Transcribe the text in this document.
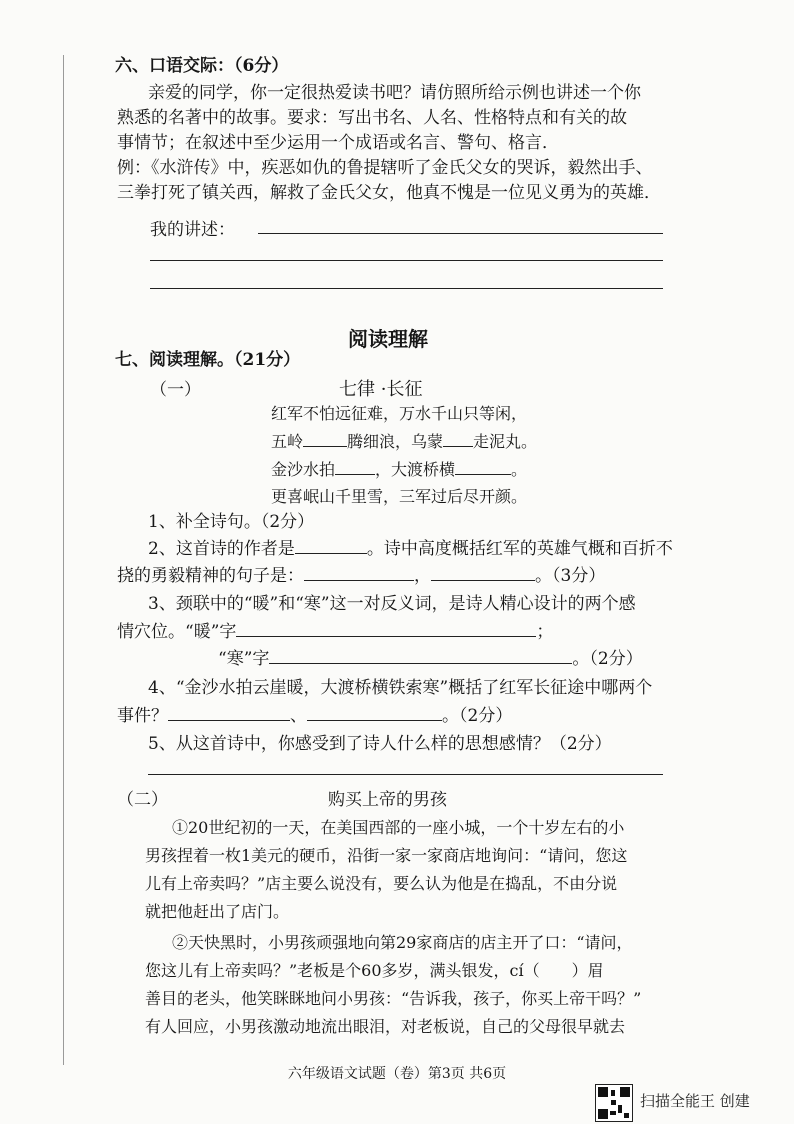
六、口语交际：（6分）
亲爱的同学，你一定很热爱读书吧？请仿照所给示例也讲述一个你
熟悉的名著中的故事。要求：写出书名、人名、性格特点和有关的故
事情节；在叙述中至少运用一个成语或名言、警句、格言．
例：《水浒传》中，疾恶如仇的鲁提辖听了金氏父女的哭诉，毅然出手、
三拳打死了镇关西，解救了金氏父女，他真不愧是一位见义勇为的英雄．
我的讲述：
阅读理解
七、阅读理解。（21分）
（一）	七律 ·长征
红军不怕远征难，万水千山只等闲，
五岭	腾细浪，乌蒙 走泥丸。
金沙水拍	，大渡桥横	。
更喜岷山千里雪，三军过后尽开颜。
1、补全诗句。（2分）
2、这首诗的作者是	。诗中高度概括红军的英雄气概和百折不
挠的勇毅精神的句子是：	，	。（3分）
3、颈联中的“暖”和“寒”这一对反义词，是诗人精心设计的两个感
情穴位。“暖”字	；
“寒”字	。（2分）
4、“金沙水拍云崖暖，大渡桥横铁索寒”概括了红军长征途中哪两个
事件？	、	。（2分）
5、从这首诗中，你感受到了诗人什么样的思想感情？（2分）
（二）	购买上帝的男孩
①20世纪初的一天，在美国西部的一座小城，一个十岁左右的小
男孩捏着一枚1美元的硬币，沿街一家一家商店地询问：“请问，您这
儿有上帝卖吗？”店主要么说没有，要么认为他是在捣乱，不由分说
就把他赶出了店门。
②天快黑时，小男孩顽强地向第29家商店的店主开了口：“请问，
您这儿有上帝卖吗？”老板是个60多岁，满头银发，cí（　　）眉
善目的老头，他笑眯眯地问小男孩：“告诉我，孩子，你买上帝干吗？”
有人回应，小男孩激动地流出眼泪，对老板说，自己的父母很早就去
六年级语文试题（卷）第3页 共6页
扫描全能王 创建
